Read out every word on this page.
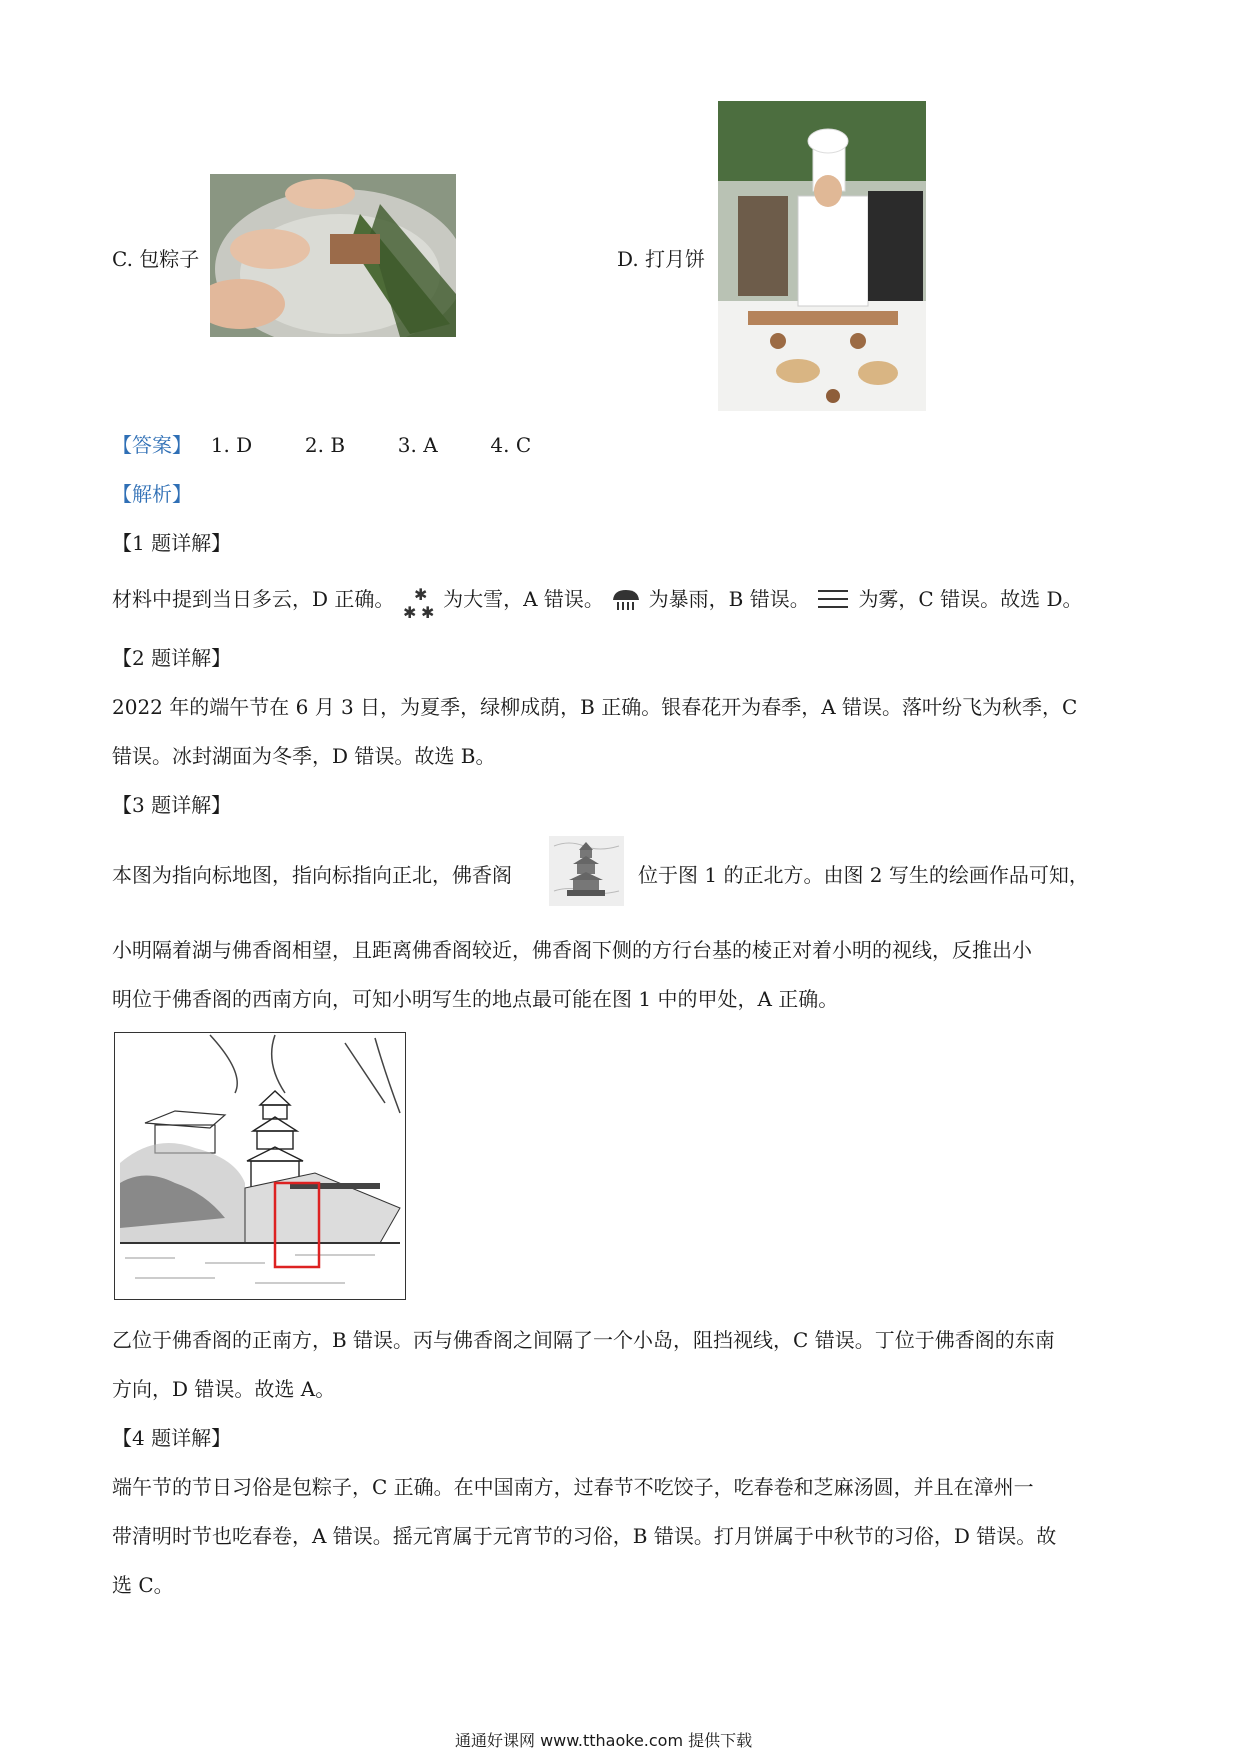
C. 包粽子	D. 打月饼
【答案】 1. D	2. B	3. A	4. C
【解析】
【1 题详解】
材料中提到当日多云，D 正确。 ✱
✱ ✱
为大雪，A 错误。 为暴雨，B 错误。 为雾，C 错误。故选 D。
【2 题详解】
2022 年的端午节在 6 月 3 日，为夏季，绿柳成荫，B 正确。银春花开为春季，A 错误。落叶纷飞为秋季，C
错误。冰封湖面为冬季，D 错误。故选 B。
【3 题详解】
本图为指向标地图，指向标指向正北，佛香阁	位于图 1 的正北方。由图 2 写生的绘画作品可知，
小明隔着湖与佛香阁相望，且距离佛香阁较近，佛香阁下侧的方行台基的棱正对着小明的视线，反推出小
明位于佛香阁的西南方向，可知小明写生的地点最可能在图 1 中的甲处，A 正确。
乙位于佛香阁的正南方，B 错误。丙与佛香阁之间隔了一个小岛，阻挡视线，C 错误。丁位于佛香阁的东南
方向，D 错误。故选 A。
【4 题详解】
端午节的节日习俗是包粽子，C 正确。在中国南方，过春节不吃饺子，吃春卷和芝麻汤圆，并且在漳州一
带清明时节也吃春卷，A 错误。摇元宵属于元宵节的习俗，B 错误。打月饼属于中秋节的习俗，D 错误。故
选 C。
通通好课网 www.tthaoke.com 提供下载
